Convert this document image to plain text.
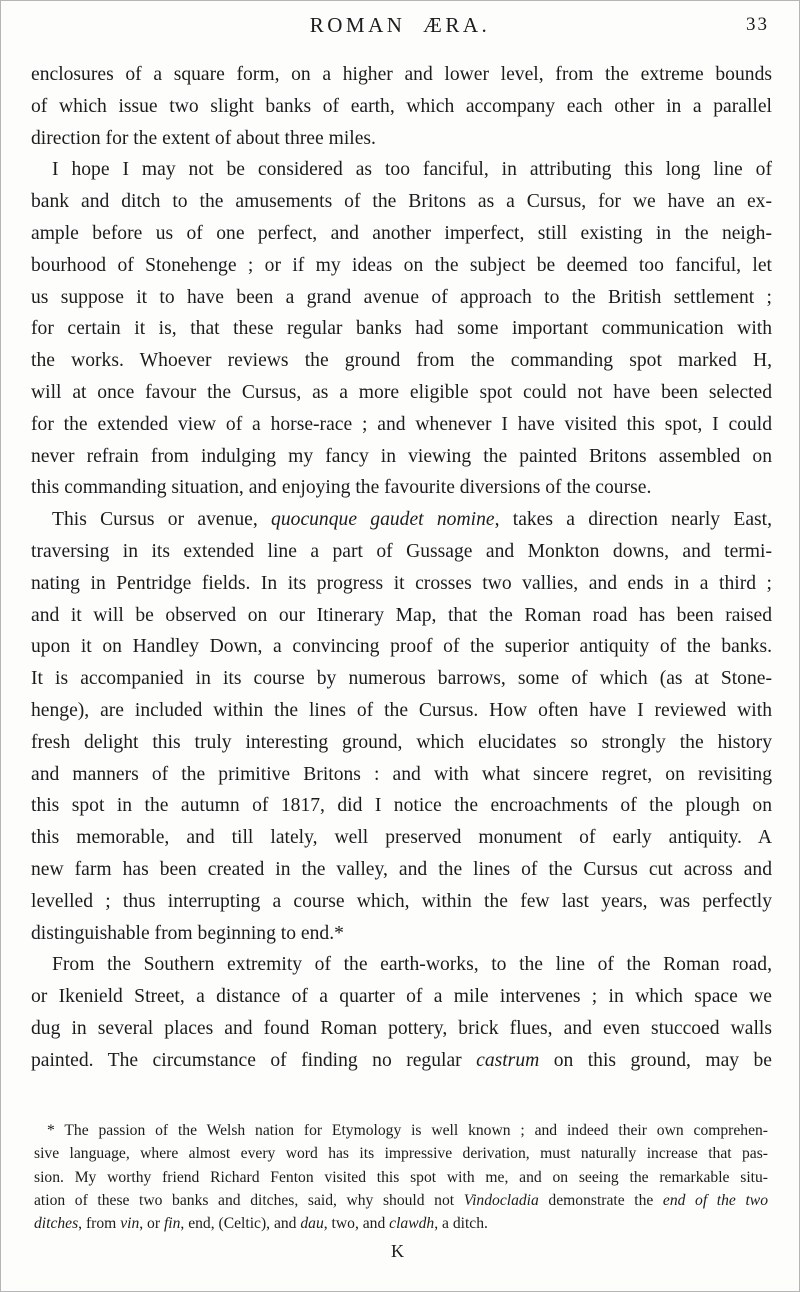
ROMAN ÆRA.	33
enclosures of a square form, on a higher and lower level, from the extreme bounds
of which issue two slight banks of earth, which accompany each other in a parallel
direction for the extent of about three miles.
I hope I may not be considered as too fanciful, in attributing this long line of
bank and ditch to the amusements of the Britons as a Cursus, for we have an ex-
ample before us of one perfect, and another imperfect, still existing in the neigh-
bourhood of Stonehenge ; or if my ideas on the subject be deemed too fanciful, let
us suppose it to have been a grand avenue of approach to the British settlement ;
for certain it is, that these regular banks had some important communication with
the works. Whoever reviews the ground from the commanding spot marked H,
will at once favour the Cursus, as a more eligible spot could not have been selected
for the extended view of a horse-race ; and whenever I have visited this spot, I could
never refrain from indulging my fancy in viewing the painted Britons assembled on
this commanding situation, and enjoying the favourite diversions of the course.
This Cursus or avenue, quocunque gaudet nomine, takes a direction nearly East,
traversing in its extended line a part of Gussage and Monkton downs, and termi-
nating in Pentridge fields. In its progress it crosses two vallies, and ends in a third ;
and it will be observed on our Itinerary Map, that the Roman road has been raised
upon it on Handley Down, a convincing proof of the superior antiquity of the banks.
It is accompanied in its course by numerous barrows, some of which (as at Stone-
henge), are included within the lines of the Cursus. How often have I reviewed with
fresh delight this truly interesting ground, which elucidates so strongly the history
and manners of the primitive Britons : and with what sincere regret, on revisiting
this spot in the autumn of 1817, did I notice the encroachments of the plough on
this memorable, and till lately, well preserved monument of early antiquity. A
new farm has been created in the valley, and the lines of the Cursus cut across and
levelled ; thus interrupting a course which, within the few last years, was perfectly
distinguishable from beginning to end.*
From the Southern extremity of the earth-works, to the line of the Roman road,
or Ikenield Street, a distance of a quarter of a mile intervenes ; in which space we
dug in several places and found Roman pottery, brick flues, and even stuccoed walls
painted. The circumstance of finding no regular castrum on this ground, may be
* The passion of the Welsh nation for Etymology is well known ; and indeed their own comprehen-
sive language, where almost every word has its impressive derivation, must naturally increase that pas-
sion. My worthy friend Richard Fenton visited this spot with me, and on seeing the remarkable situ-
ation of these two banks and ditches, said, why should not Vindocladia demonstrate the end of the two
ditches, from vin, or fin, end, (Celtic), and dau, two, and clawdh, a ditch.
K
